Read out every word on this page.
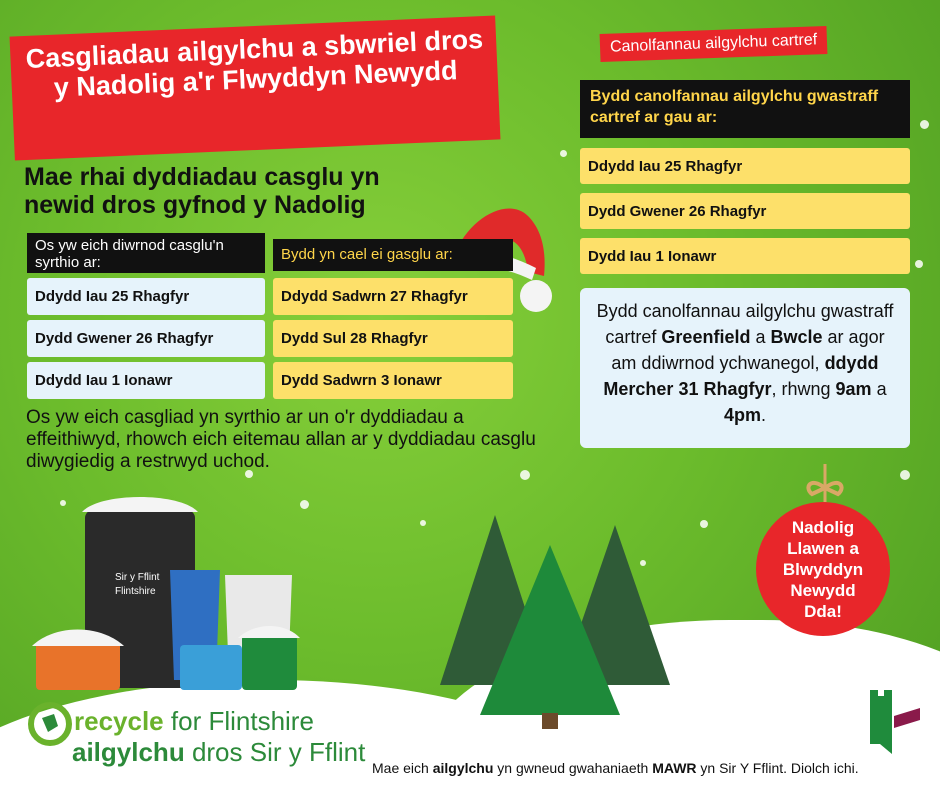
Casgliadau ailgylchu a sbwriel dros y Nadolig a'r Flwyddyn Newydd
Mae rhai dyddiadau casglu yn newid dros gyfnod y Nadolig
Os yw eich diwrnod casglu'n syrthio ar:	Bydd yn cael ei gasglu ar:
Ddydd Iau 25 Rhagfyr
Dydd Gwener 26 Rhagfyr
Ddydd Iau 1 Ionawr
Ddydd Sadwrn 27 Rhagfyr
Dydd Sul 28 Rhagfyr
Dydd Sadwrn 3 Ionawr
Os yw eich casgliad yn syrthio ar un o'r dyddiadau a effeithiwyd, rhowch eich eitemau allan ar y dyddiadau casglu diwygiedig a restrwyd uchod.
Canolfannau ailgylchu cartref
Bydd canolfannau ailgylchu gwastraff cartref ar gau ar:
Ddydd Iau 25 Rhagfyr
Dydd Gwener 26 Rhagfyr
Dydd Iau 1 Ionawr
Bydd canolfannau ailgylchu gwastraff cartref Greenfield a Bwcle ar agor am ddiwrnod ychwanegol, ddydd Mercher 31 Rhagfyr, rhwng 9am a 4pm.
Nadolig Llawen a Blwyddyn Newydd Dda!
Sir y Fflint
Flintshire
recycle for Flintshire
ailgylchu dros Sir y Fflint
Mae eich ailgylchu yn gwneud gwahaniaeth MAWR yn Sir Y Fflint. Diolch ichi.
